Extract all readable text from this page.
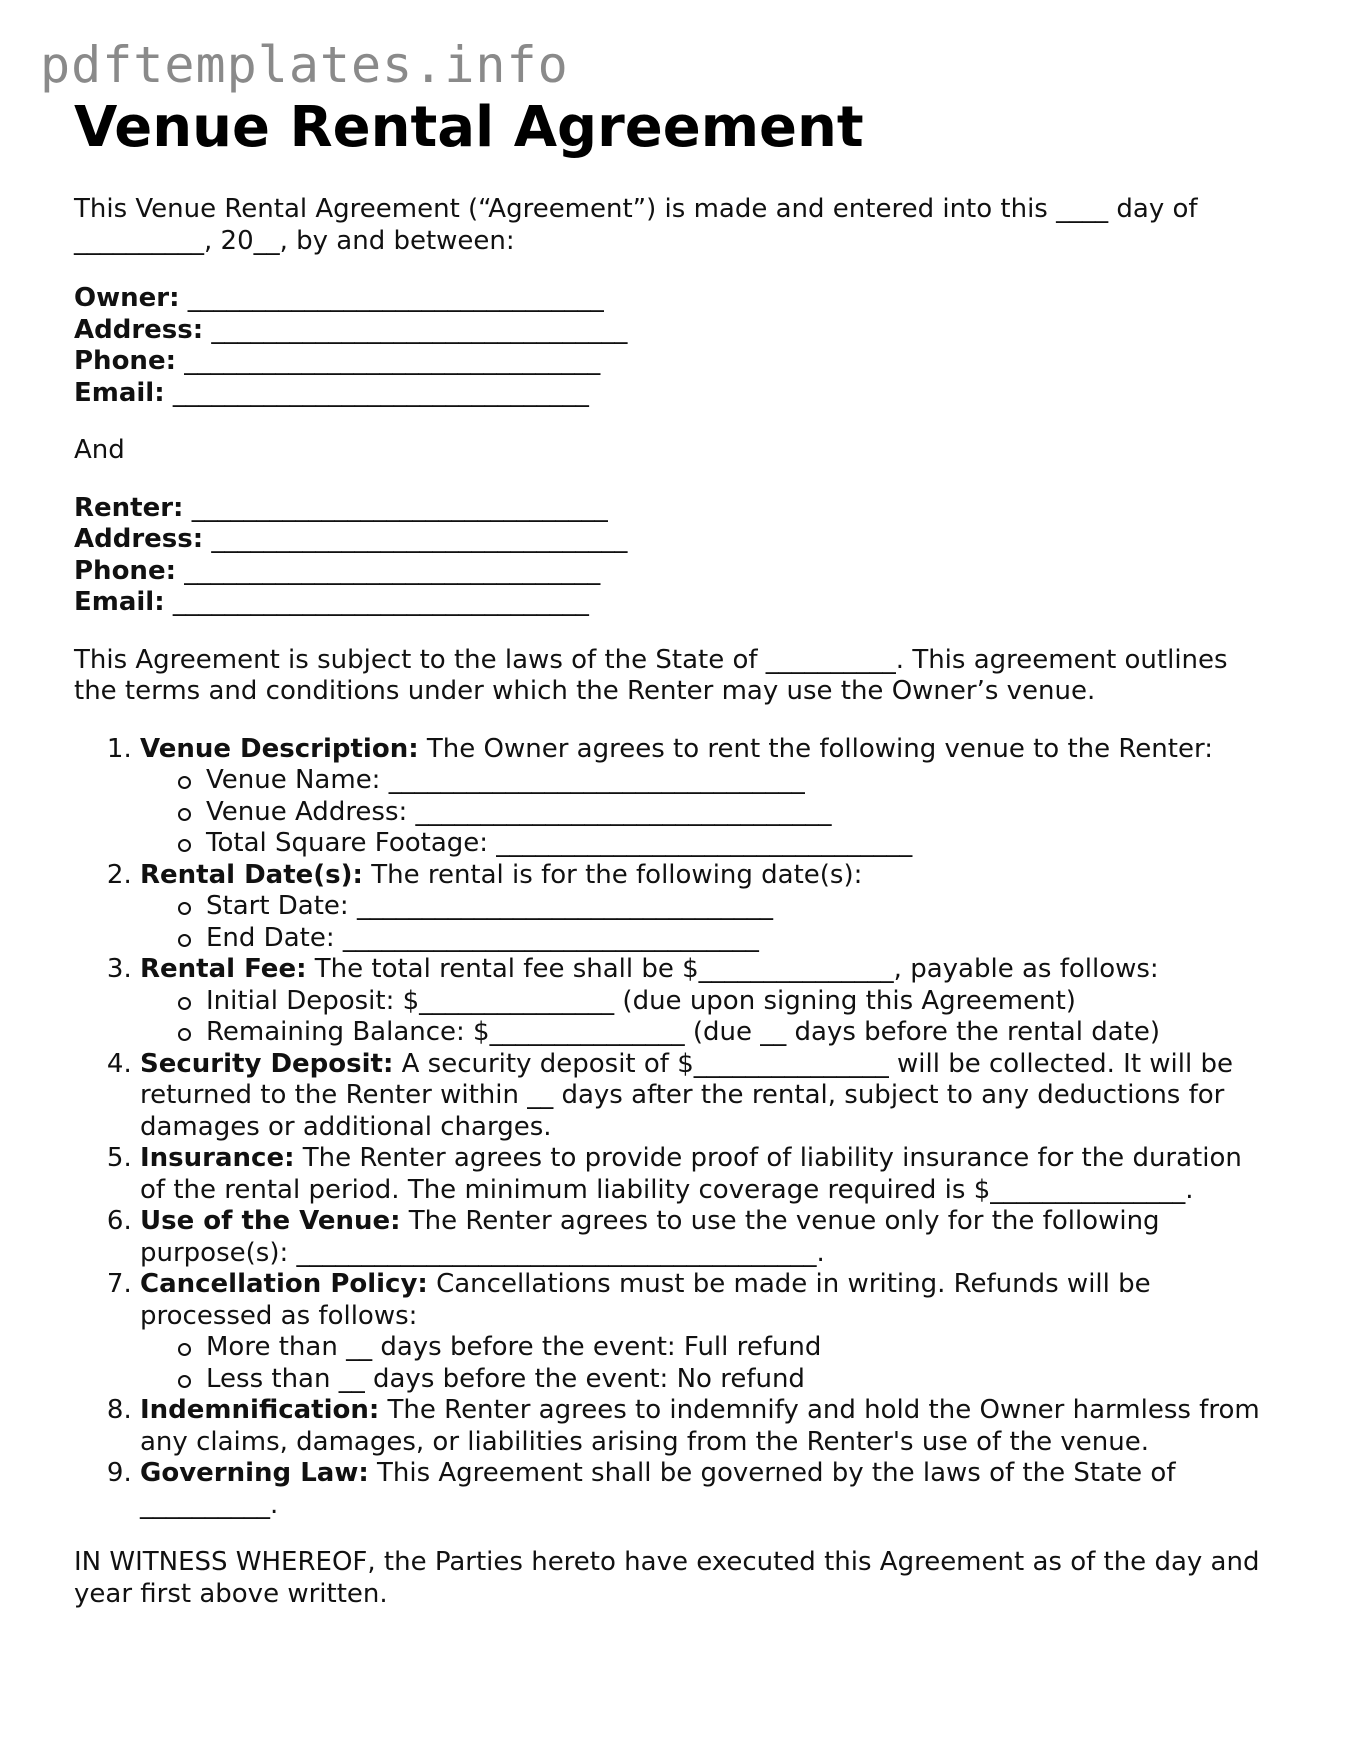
pdftemplates.info
Venue Rental Agreement

This Venue Rental Agreement (“Agreement”) is made and entered into this ____ day of __________, 20__, by and between:

Owner: ________________________________
Address: ________________________________
Phone: ________________________________
Email: ________________________________

And

Renter: ________________________________
Address: ________________________________
Phone: ________________________________
Email: ________________________________

This Agreement is subject to the laws of the State of __________. This agreement outlines the terms and conditions under which the Renter may use the Owner’s venue.

1. Venue Description: The Owner agrees to rent the following venue to the Renter:
Venue Name: ________________________________
Venue Address: ________________________________
Total Square Footage: ________________________________
2. Rental Date(s): The rental is for the following date(s):
Start Date: ________________________________
End Date: ________________________________
3. Rental Fee: The total rental fee shall be $_______________, payable as follows:
Initial Deposit: $_______________ (due upon signing this Agreement)
Remaining Balance: $_______________ (due __ days before the rental date)
4. Security Deposit: A security deposit of $_______________ will be collected. It will be returned to the Renter within __ days after the rental, subject to any deductions for damages or additional charges.
5. Insurance: The Renter agrees to provide proof of liability insurance for the duration of the rental period. The minimum liability coverage required is $_______________.
6. Use of the Venue: The Renter agrees to use the venue only for the following purpose(s): ________________________________________.
7. Cancellation Policy: Cancellations must be made in writing. Refunds will be processed as follows:
More than __ days before the event: Full refund
Less than __ days before the event: No refund
8. Indemnification: The Renter agrees to indemnify and hold the Owner harmless from any claims, damages, or liabilities arising from the Renter's use of the venue.
9. Governing Law: This Agreement shall be governed by the laws of the State of __________.

IN WITNESS WHEREOF, the Parties hereto have executed this Agreement as of the day and year first above written.
